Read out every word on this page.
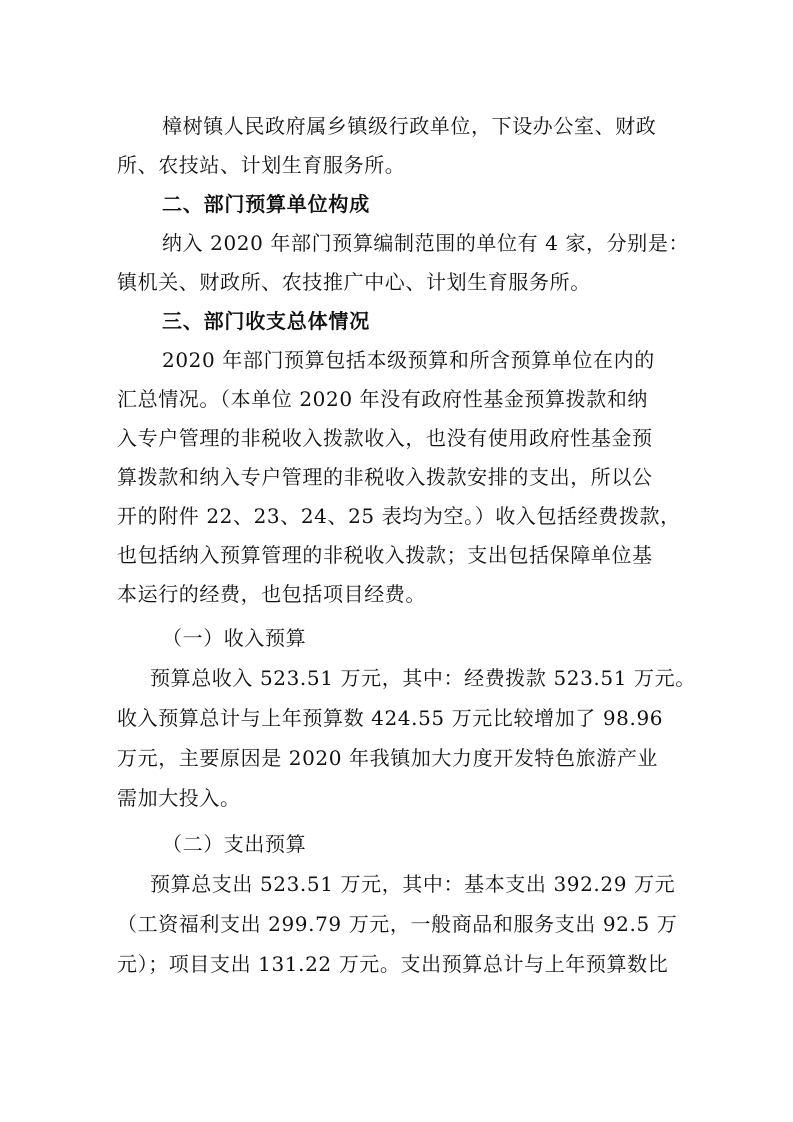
樟树镇人民政府属乡镇级行政单位，下设办公室、财政
所、农技站、计划生育服务所。
二、部门预算单位构成
纳入 2020 年部门预算编制范围的单位有 4 家，分别是：
镇机关、财政所、农技推广中心、计划生育服务所。
三、部门收支总体情况
2020 年部门预算包括本级预算和所含预算单位在内的
汇总情况。（本单位 2020 年没有政府性基金预算拨款和纳
入专户管理的非税收入拨款收入，也没有使用政府性基金预
算拨款和纳入专户管理的非税收入拨款安排的支出，所以公
开的附件 22、23、24、25 表均为空。）收入包括经费拨款，
也包括纳入预算管理的非税收入拨款；支出包括保障单位基
本运行的经费，也包括项目经费。
（一）收入预算
预算总收入 523.51 万元，其中：经费拨款 523.51 万元。
收入预算总计与上年预算数 424.55 万元比较增加了 98.96
万元，主要原因是 2020 年我镇加大力度开发特色旅游产业
需加大投入。
（二）支出预算
预算总支出 523.51 万元，其中：基本支出 392.29 万元
（工资福利支出 299.79 万元，一般商品和服务支出 92.5 万
元）；项目支出 131.22 万元。支出预算总计与上年预算数比
